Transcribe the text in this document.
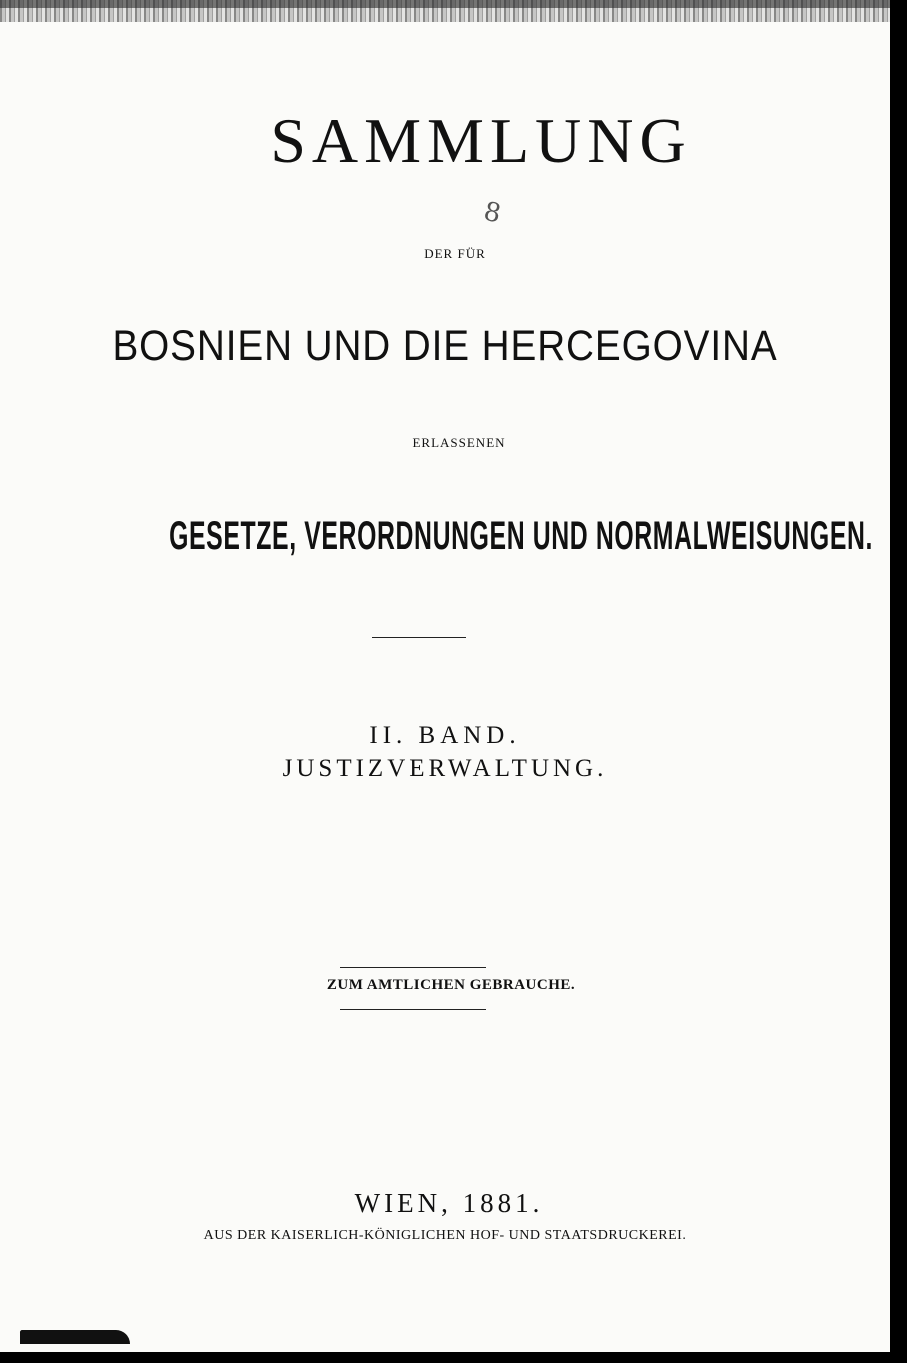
SAMMLUNG
8
DER FÜR
BOSNIEN UND DIE HERCEGOVINA
ERLASSENEN
GESETZE, VERORDNUNGEN UND NORMALWEISUNGEN.
II. BAND.
JUSTIZVERWALTUNG.
ZUM AMTLICHEN GEBRAUCHE.
WIEN, 1881.
AUS DER KAISERLICH-KÖNIGLICHEN HOF- UND STAATSDRUCKEREI.
